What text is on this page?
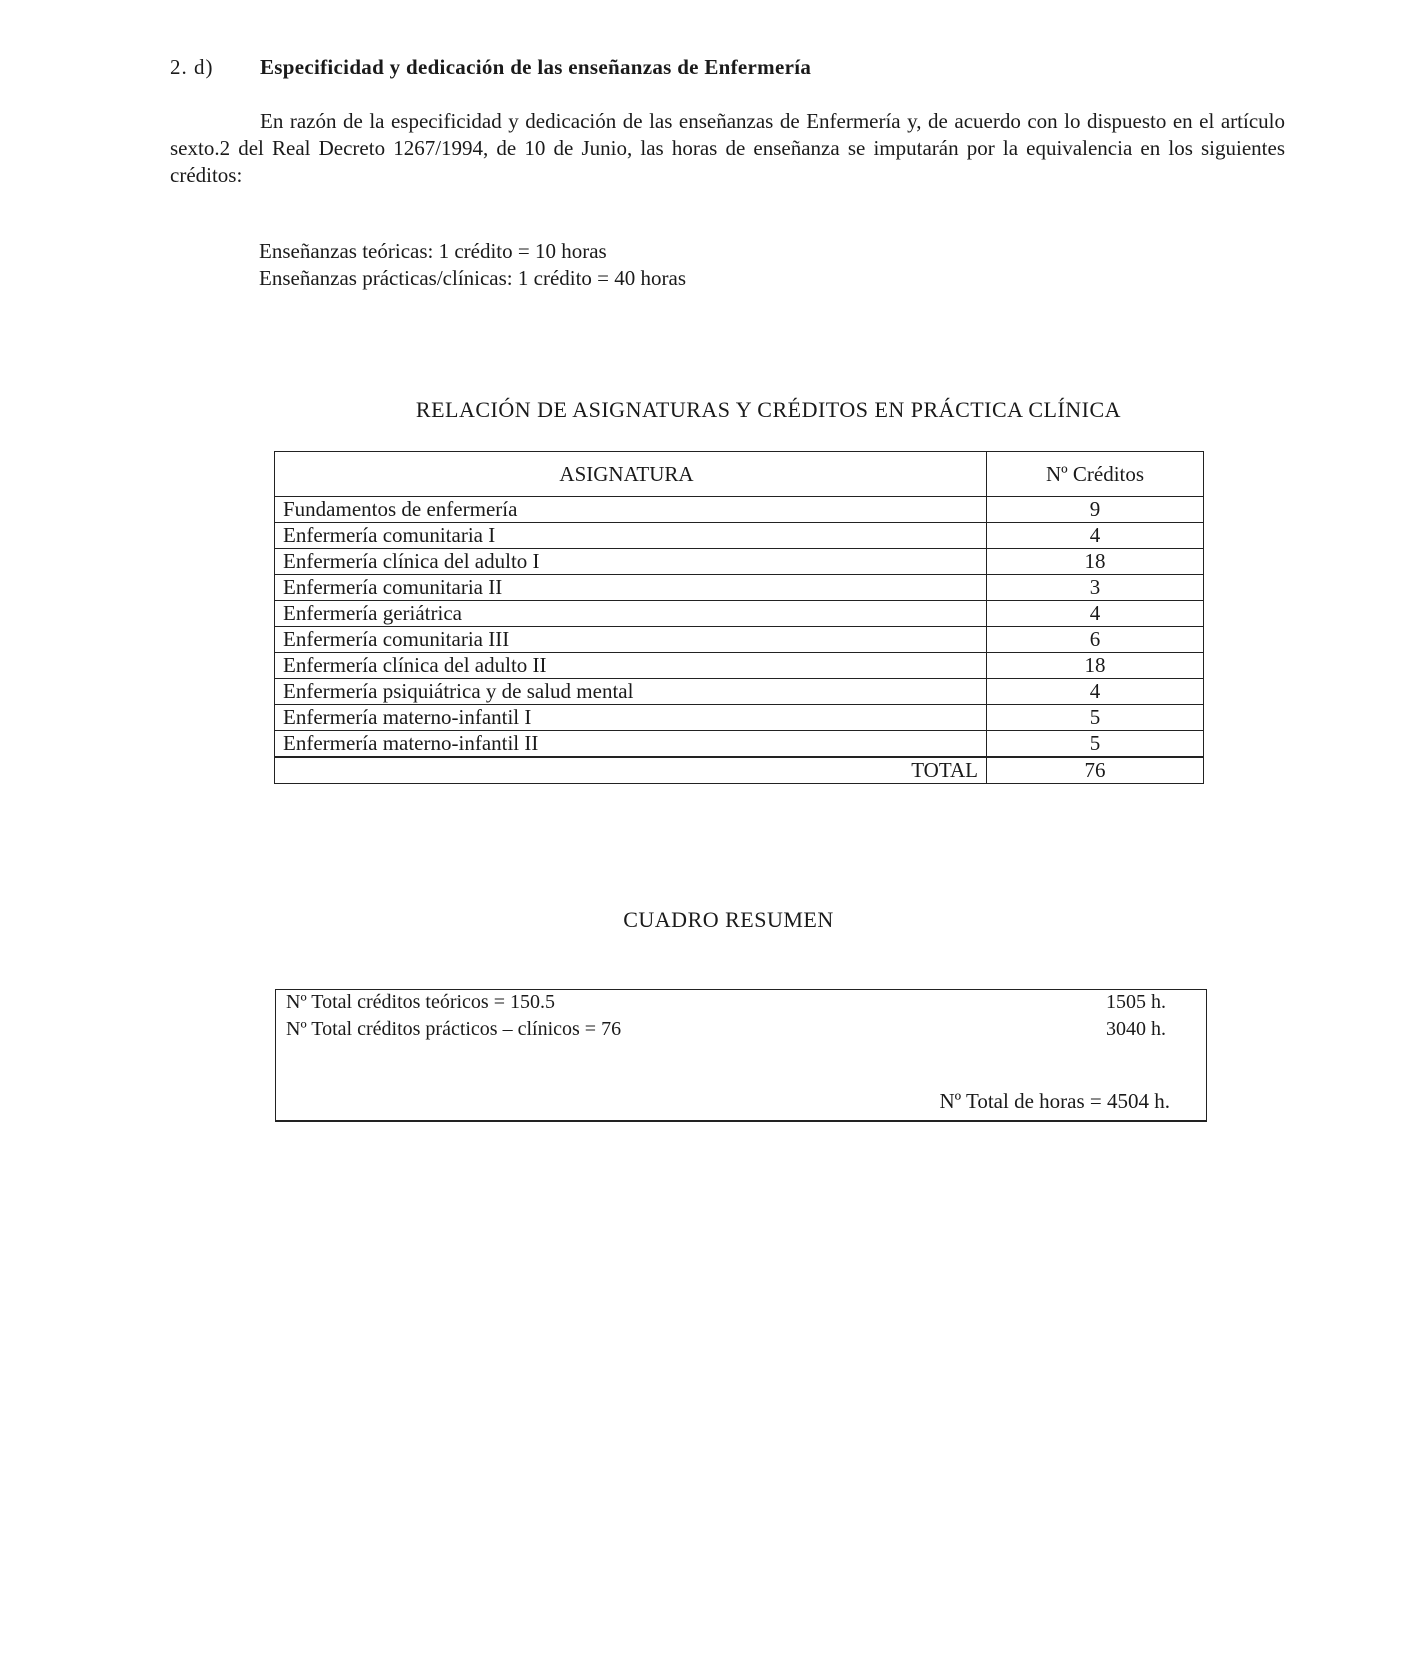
2. d)	Especificidad y dedicación de las enseñanzas de Enfermería

En razón de la especificidad y dedicación de las enseñanzas de Enfermería y, de acuerdo con lo dispuesto en el artículo sexto.2 del Real Decreto 1267/1994, de 10 de Junio, las horas de enseñanza se imputarán por la equivalencia en los siguientes créditos:

Enseñanzas teóricas: 1 crédito = 10 horas
Enseñanzas prácticas/clínicas: 1 crédito = 40 horas
RELACIÓN DE ASIGNATURAS Y CRÉDITOS EN PRÁCTICA CLÍNICA
ASIGNATURA	Nº Créditos
Fundamentos de enfermería	9
Enfermería comunitaria I	4
Enfermería clínica del adulto I	18
Enfermería comunitaria II	3
Enfermería geriátrica	4
Enfermería comunitaria III	6
Enfermería clínica del adulto II	18
Enfermería psiquiátrica y de salud mental	4
Enfermería materno-infantil I	5
Enfermería materno-infantil II	5
TOTAL	76
CUADRO RESUMEN
Nº Total créditos teóricos = 150.5	1505 h.
Nº Total créditos prácticos – clínicos = 76	3040 h.
Nº Total de horas = 4504 h.
